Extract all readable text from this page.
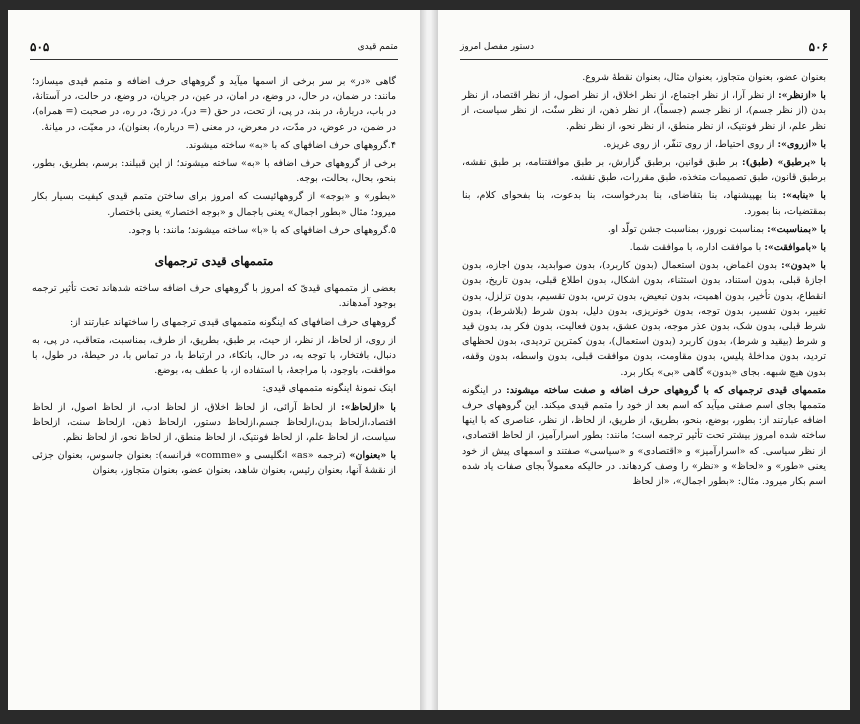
۵۰۵	متمم قیدی

گاهی «در» بر سر برخی از اسمها میآید و گروههای حرف اضافه و متمم قیدی میسازد؛ مانند: در ضمان، در حال، در وضع، در امان، در عین، در جریان، در وضع، در حالت، در آستانهٔ، در باب، دربارهٔ، در بند، در پی، از تحت، در حق (= در)، در زیّ، در ره، در صحبت (= همراه)، در ضمن، در عوض، در مدّت، در معرض، در معنی (= درباره)، بعنوان)، در معیّت، در میانهٔ.

۴.گروههای حرف اضافهای که با «به» ساخته میشوند.

برخی از گروههای حرف اضافه با «به» ساخته میشوند؛ از این قبیلند: برسم، بطریق، بطور، بنحو، بحال، بحالت، بوجه.

«بطور» و «بوجه» از گروههائیست که امروز برای ساختن متمم قیدی کیفیت بسیار بکار میرود؛ مثال «بطور اجمال» یعنی باجمال و «بوجه اختصار» یعنی باختصار.

۵.گروههای حرف اضافهای که با «با» ساخته میشوند؛ مانند: با وجود.

متممهای قیدی ترجمهای

بعضی از متممهای قیدیّ که امروز با گروههای حرف اضافه ساخته شدهاند تحت تأثیر ترجمه بوجود آمدهاند.

گروههای حرف اضافهای که اینگونه متممهای قیدی ترجمهای را ساختهاند عبارتند از:

از روی، از لحاظ، از نظر، از حیث، بر طبق، بطریق، از طرف، بمناسبت، متعاقب، در پی، به دنبال، بافتخار، با توجه به، در حال، باتکاء، در ارتباط با، در تماس با، در حیطهٔ، در طول، با موافقت، باوجود، با مراجعهٔ، با استفاده از، با عطف به، بوضع.

اینک نمونهٔ اینگونه متممهای قیدی:

با «ازلحاظ»: از لحاظ آرائی، از لحاظ اخلاق، از لحاظ ادب، از لحاظ اصول، از لحاظ اقتصاد،ازلحاظ بدن،ازلحاظ جسم،ازلحاظ دستور، ازلحاظ ذهن، ازلحاظ سنت، ازلحاظ سیاست، از لحاظ علم، از لحاظ فونتیک، از لحاظ منطق، از لحاظ نحو، از لحاظ نظم.

با «بعنوان» (ترجمه «as» انگلیسی و «comme» فرانسه): بعنوان جاسوس، بعنوان جزئی از نقشهٔ آنها، بعنوان رئیس، بعنوان شاهد، بعنوان عضو، بعنوان متجاوز، بعنوان

۵۰۶
دستور مفصل امروز

بعنوان عضو، بعنوان متجاوز، بعنوان مثال، بعنوان نقطهٔ شروع.

با «ازنظر»: از نظر آرا، از نظر اجتماع، از نظر اخلاق، از نظر اصول، از نظر اقتصاد، از نظر بدن (از نظر جسم)، از نظر جسم (جسماً)، از نظر ذهن، از نظر سنّت، از نظر سیاست، از نظر علم، از نظر فونتیک، از نظر منطق، از نظر نحو، از نظر نظم.

با «ازروی»: از روی احتیاط، از روی تنفّر، از روی غریزه.

با «برطبق» (طبق): بر طبق قوانین، برطبق گزارش، بر طبق موافقتنامه، بر طبق نقشه، برطبق قانون، طبق تصمیمات متخذه، طبق مقررات، طبق نقشه.

با «بنابه»: بنا بهپیشنهاد، بنا بتقاضای، بنا بدرخواست، بنا بدعوت، بنا بفحوای کلام، بنا بمقتضیات، بنا بمورد.

با «بمناسبت»: بمناسبت نوروز، بمناسبت جشن تولّد او.

با «باموافقت»: با موافقت اداره، با موافقت شما.

با «بدون»: بدون اغماض، بدون استعمال (بدون کاربرد)، بدون صوابدید، بدون اجازه، بدون اجازهٔ قبلی، بدون استناد، بدون استثناء، بدون اشکال، بدون اطلاع قبلی، بدون تاریخ، بدون انقطاع، بدون تأخیر، بدون اهمیت، بدون تبعیض، بدون ترس، بدون تقسیم، بدون تزلزل، بدون تغییر، بدون تفسیر، بدون توجه، بدون خونریزی، بدون دلیل، بدون شرط (بلاشرط)، بدون شرط قبلی، بدون شک، بدون عذر موجه، بدون عشق، بدون فعالیت، بدون فکر بد، بدون قید و شرط (بیقید و شرط)، بدون کاربرد (بدون استعمال)، بدون کمترین تردیدی، بدون لحظهای تردید، بدون مداخلهٔ پلیس، بدون مقاومت، بدون موافقت قبلی، بدون واسطه، بدون وقفه، بدون هیچ شبهه. بجای «بدون» گاهی «بی» بکار برد.

متممهای قیدی ترجمهای که با گروههای حرف اضافه و صفت ساخته میشوند: در اینگونه متممها بجای اسم صفتی میآید که اسم بعد از خود را متمم قیدی میکند. این گروههای حرف اضافه عبارتند از: بطور، بوضع، بنحو، بطریق، از طریق، از لحاظ، از نظر، عناصری که با اینها ساخته شده امروز بیشتر تحت تأثیر ترجمه است؛ مانند: بطور اسرارآمیز، از لحاظ اقتصادی، از نظر سیاسی. که «اسرارآمیز» و «اقتصادی» و «سیاسی» صفتند و اسمهای پیش از خود یعنی «طور» و «لحاظ» و «نظر» را وصف کردهاند. در حالیکه معمولاً بجای صفات یاد شده اسم بکار میرود. مثال: «بطور اجمال»، «از لحاظ
